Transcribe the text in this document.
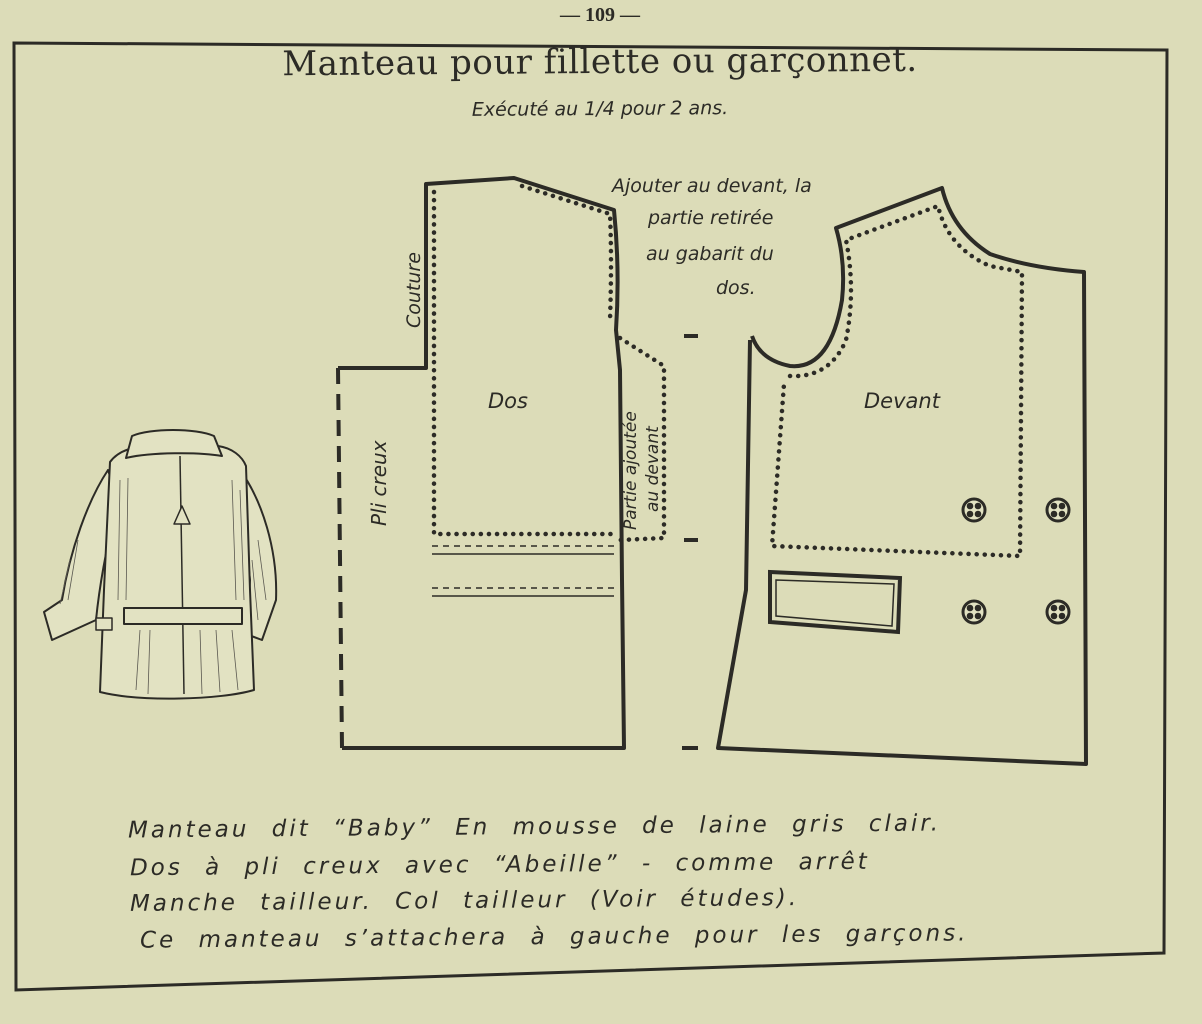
— 109 —
Manteau pour fillette ou garçonnet.
Exécuté au 1/4 pour 2 ans.
Couture
Pli creux
Dos
Partie ajoutée au devant
Devant
Ajouter au devant, la
partie retirée
au gabarit du
dos.
Manteau dit “Baby” En mousse de laine gris clair.
Dos à pli creux avec “Abeille” - comme arrêt
Manche tailleur. Col tailleur (Voir études).
Ce manteau s’attachera à gauche pour les garçons.
